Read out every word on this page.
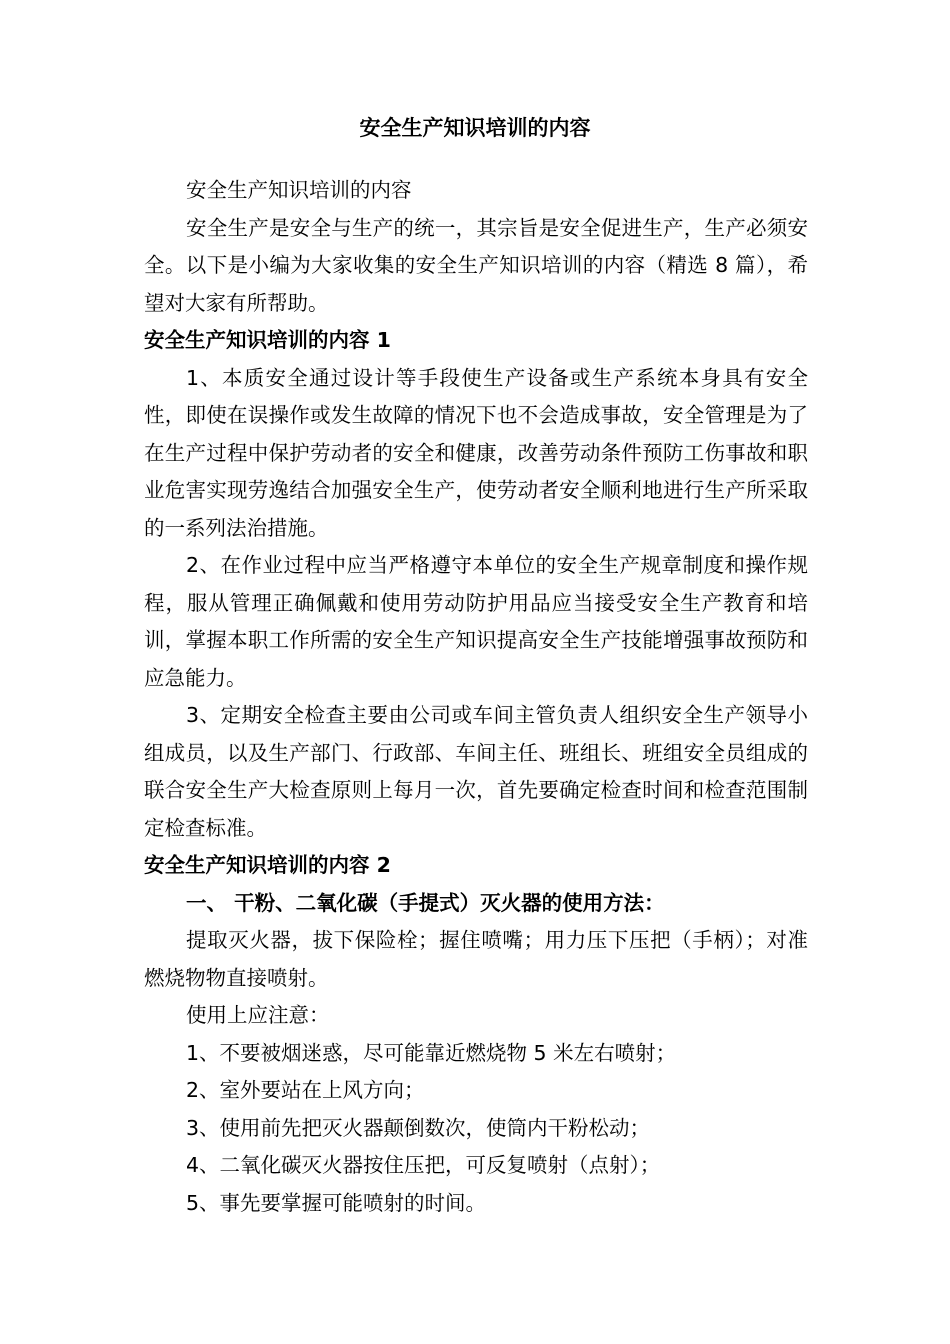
安全生产知识培训的内容

安全生产知识培训的内容

安全生产是安全与生产的统一，其宗旨是安全促进生产，生产必须安全。以下是小编为大家收集的安全生产知识培训的内容（精选 8 篇），希望对大家有所帮助。

安全生产知识培训的内容 1

1、本质安全通过设计等手段使生产设备或生产系统本身具有安全性，即使在误操作或发生故障的情况下也不会造成事故，安全管理是为了在生产过程中保护劳动者的安全和健康，改善劳动条件预防工伤事故和职业危害实现劳逸结合加强安全生产，使劳动者安全顺利地进行生产所采取的一系列法治措施。

2、在作业过程中应当严格遵守本单位的安全生产规章制度和操作规程，服从管理正确佩戴和使用劳动防护用品应当接受安全生产教育和培训，掌握本职工作所需的安全生产知识提高安全生产技能增强事故预防和应急能力。

3、定期安全检查主要由公司或车间主管负责人组织安全生产领导小组成员，以及生产部门、行政部、车间主任、班组长、班组安全员组成的联合安全生产大检查原则上每月一次，首先要确定检查时间和检查范围制定检查标准。

安全生产知识培训的内容 2

一、 干粉、二氧化碳（手提式）灭火器的使用方法：

提取灭火器，拔下保险栓；握住喷嘴；用力压下压把（手柄）；对准燃烧物物直接喷射。

使用上应注意：

1、不要被烟迷惑，尽可能靠近燃烧物 5 米左右喷射；

2、室外要站在上风方向；

3、使用前先把灭火器颠倒数次，使筒内干粉松动；

4、二氧化碳灭火器按住压把，可反复喷射（点射）；

5、事先要掌握可能喷射的时间。
